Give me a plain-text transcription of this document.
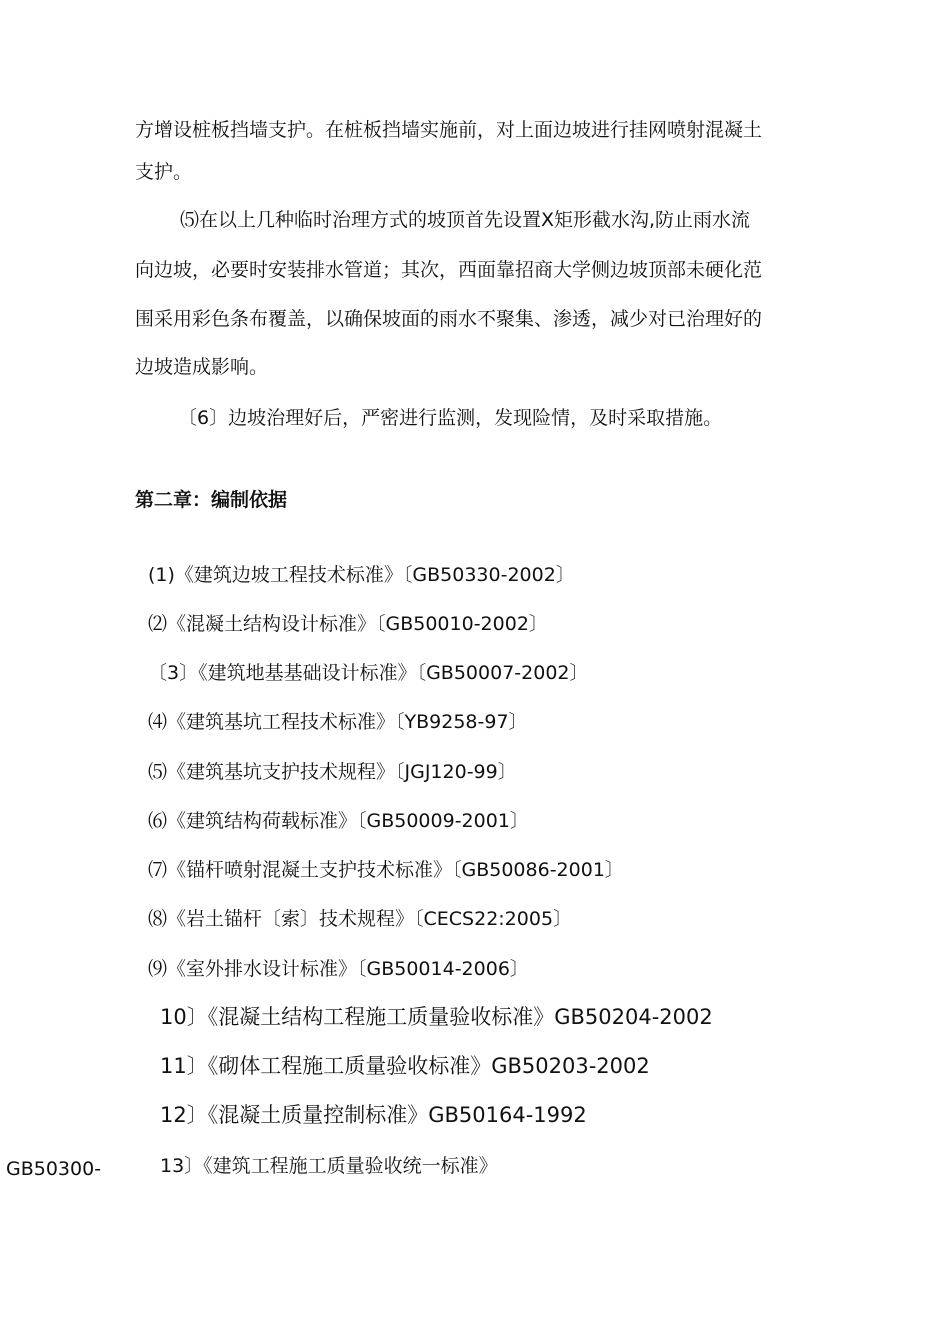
方增设桩板挡墙支护。在桩板挡墙实施前，对上面边坡进行挂网喷射混凝土
支护。
⑸在以上几种临时治理方式的坡顶首先设置X矩形截水沟,防止雨水流
向边坡，必要时安装排水管道；其次，西面靠招商大学侧边坡顶部未硬化范
围采用彩色条布覆盖，以确保坡面的雨水不聚集、渗透，减少对已治理好的
边坡造成影响。
〔6〕边坡治理好后，严密进行监测，发现险情，及时采取措施。
第二章：编制依据
(1)《建筑边坡工程技术标准》〔GB50330-2002〕
⑵《混凝土结构设计标准》〔GB50010-2002〕
〔3〕《建筑地基基础设计标准》〔GB50007-2002〕
⑷《建筑基坑工程技术标准》〔YB9258-97〕
⑸《建筑基坑支护技术规程》〔JGJ120-99〕
⑹《建筑结构荷载标准》〔GB50009-2001〕
⑺《锚杆喷射混凝土支护技术标准》〔GB50086-2001〕
⑻《岩土锚杆〔索〕技术规程》〔CECS22:2005〕
⑼《室外排水设计标准》〔GB50014-2006〕
10〕《混凝土结构工程施工质量验收标准》GB50204-2002
11〕《砌体工程施工质量验收标准》GB50203-2002
12〕《混凝土质量控制标准》GB50164-1992
13〕《建筑工程施工质量验收统一标准》
GB50300-
